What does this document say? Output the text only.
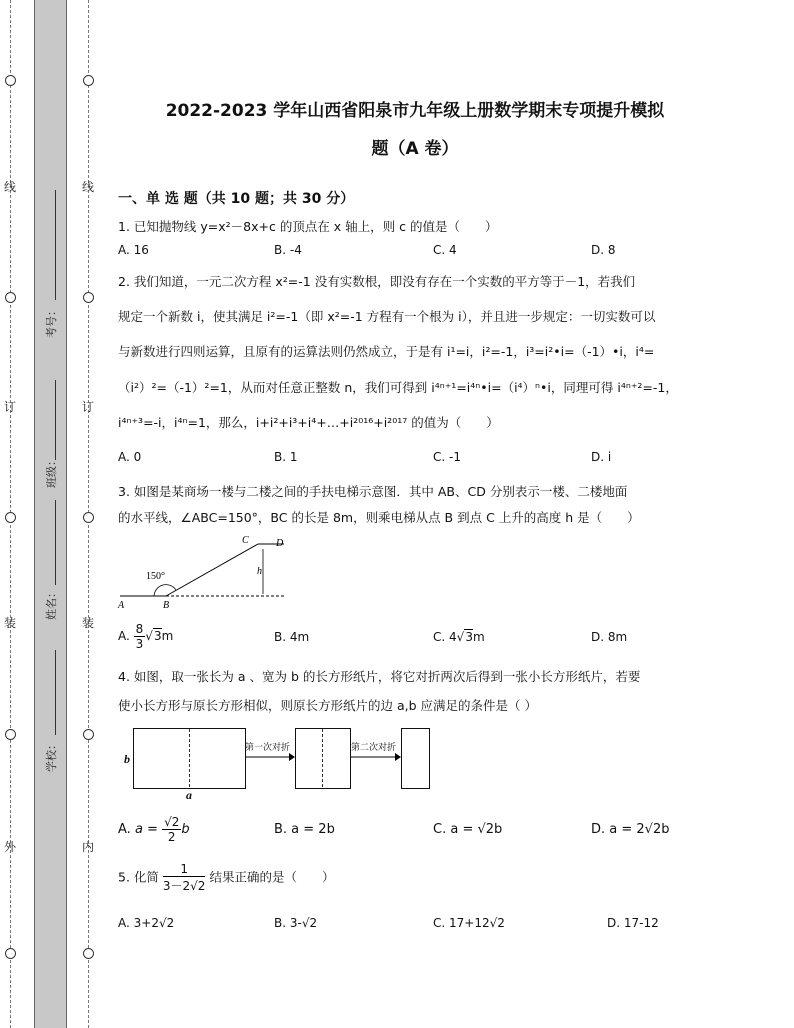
线
订
装
外
线
订
装
内
考号：
班级：
姓名：
学校：
2022-2023 学年山西省阳泉市九年级上册数学期末专项提升模拟
题（A 卷）
一、单 选 题（共 10 题；共 30 分）
1. 已知抛物线 y=x²－8x+c 的顶点在 x 轴上，则 c 的值是（　　）
A. 16	B. -4	C. 4	D. 8
2. 我们知道，一元二次方程 x²=-1 没有实数根，即没有存在一个实数的平方等于－1，若我们
规定一个新数 i，使其满足 i²=-1（即 x²=-1 方程有一个根为 i），并且进一步规定：一切实数可以
与新数进行四则运算，且原有的运算法则仍然成立，于是有 i¹=i，i²=-1，i³=i²•i=（-1）•i，i⁴=
（i²）²=（-1）²=1，从而对任意正整数 n，我们可得到 i⁴ⁿ⁺¹=i⁴ⁿ•i=（i⁴）ⁿ•i，同理可得 i⁴ⁿ⁺²=-1，
i⁴ⁿ⁺³=-i，i⁴ⁿ=1，那么，i+i²+i³+i⁴+…+i²⁰¹⁶+i²⁰¹⁷ 的值为（　　）
A. 0	B. 1	C. -1	D. i
3. 如图是某商场一楼与二楼之间的手扶电梯示意图．其中 AB、CD 分别表示一楼、二楼地面
的水平线，∠ABC=150°，BC 的长是 8m，则乘电梯从点 B 到点 C 上升的高度 h 是（　　）
150°
A	B
C	D
h
A. $\frac{8}{3} √3m$	B. 4m	C. 4√3m	D. 8m
4. 如图，取一张长为 a 、宽为 b 的长方形纸片，将它对折两次后得到一张小长方形纸片，若要
使小长方形与原长方形相似，则原长方形纸片的边 a,b 应满足的条件是（ ）
b
a
第一次对折	第二次对折
A. $a = \frac{√2}{2}$ b	B. a = 2b	C. a = √2b	D. a = 2√2b
5. 化简 $\frac{1}{3-2√2}$ 结果正确的是（　　）
A. 3+2√2	B. 3-√2	C. 17+12√2	D. 17-12
